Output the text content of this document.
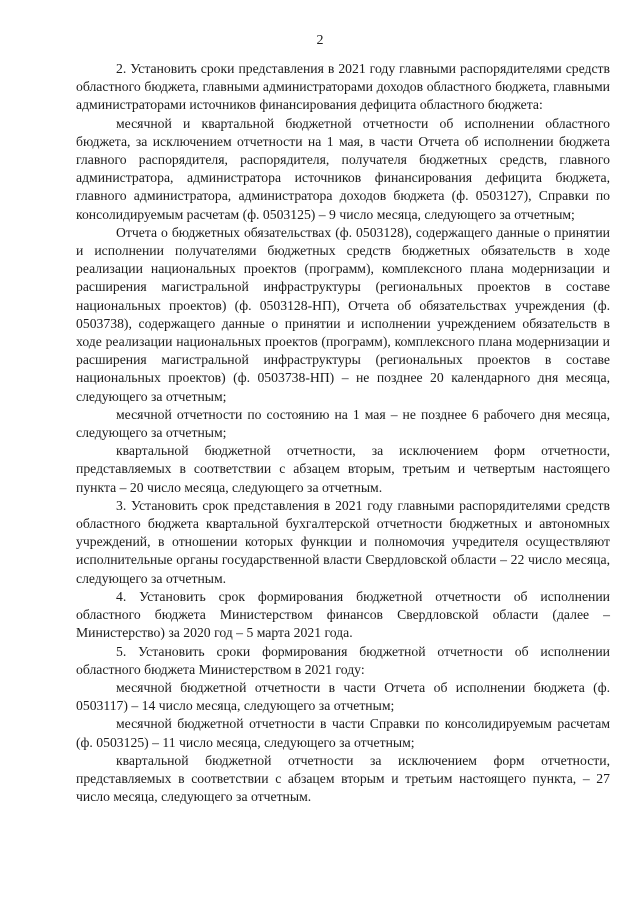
2

2. Установить сроки представления в 2021 году главными распорядителями средств областного бюджета, главными администраторами доходов областного бюджета, главными администраторами источников финансирования дефицита областного бюджета:

месячной и квартальной бюджетной отчетности об исполнении областного бюджета, за исключением отчетности на 1 мая, в части Отчета об исполнении бюджета главного распорядителя, распорядителя, получателя бюджетных средств, главного администратора, администратора источников финансирования дефицита бюджета, главного администратора, администратора доходов бюджета (ф. 0503127), Справки по консолидируемым расчетам (ф. 0503125) – 9 число месяца, следующего за отчетным;

Отчета о бюджетных обязательствах (ф. 0503128), содержащего данные о принятии и исполнении получателями бюджетных средств бюджетных обязательств в ходе реализации национальных проектов (программ), комплексного плана модернизации и расширения магистральной инфраструктуры (региональных проектов в составе национальных проектов) (ф. 0503128-НП), Отчета об обязательствах учреждения (ф. 0503738), содержащего данные о принятии и исполнении учреждением обязательств в ходе реализации национальных проектов (программ), комплексного плана модернизации и расширения магистральной инфраструктуры (региональных проектов в составе национальных проектов) (ф. 0503738-НП) – не позднее 20 календарного дня месяца, следующего за отчетным;

месячной отчетности по состоянию на 1 мая – не позднее 6 рабочего дня месяца, следующего за отчетным;

квартальной бюджетной отчетности, за исключением форм отчетности, представляемых в соответствии с абзацем вторым, третьим и четвертым настоящего пункта – 20 число месяца, следующего за отчетным.

3. Установить срок представления в 2021 году главными распорядителями средств областного бюджета квартальной бухгалтерской отчетности бюджетных и автономных учреждений, в отношении которых функции и полномочия учредителя осуществляют исполнительные органы государственной власти Свердловской области – 22 число месяца, следующего за отчетным.

4. Установить срок формирования бюджетной отчетности об исполнении областного бюджета Министерством финансов Свердловской области (далее – Министерство) за 2020 год – 5 марта 2021 года.

5. Установить сроки формирования бюджетной отчетности об исполнении областного бюджета Министерством в 2021 году:

месячной бюджетной отчетности в части Отчета об исполнении бюджета (ф. 0503117) – 14 число месяца, следующего за отчетным;

месячной бюджетной отчетности в части Справки по консолидируемым расчетам (ф. 0503125) – 11 число месяца, следующего за отчетным;

квартальной бюджетной отчетности за исключением форм отчетности, представляемых в соответствии с абзацем вторым и третьим настоящего пункта, – 27 число месяца, следующего за отчетным.
